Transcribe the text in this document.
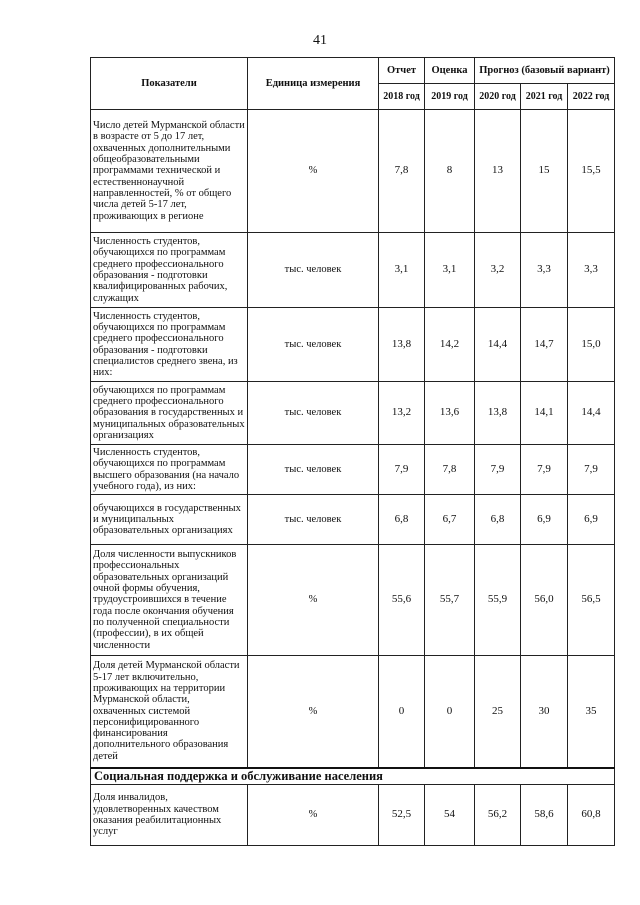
41
Показатели	Единица измерения	Отчет	Оценка	Прогноз (базовый вариант)		
		2018 год	2019 год	2020 год	2021 год	2022 год
Число детей Мурманской области в возрасте от 5 до 17 лет, охваченных дополнительными общеобразовательными программами технической и естественнонаучной направленностей, % от общего числа детей 5-17 лет, проживающих в регионе	%	7,8	8	13	15	15,5
Численность студентов, обучающихся по программам среднего профессионального образования - подготовки квалифицированных рабочих, служащих	тыс. человек	3,1	3,1	3,2	3,3	3,3
Численность студентов, обучающихся по программам среднего профессионального образования - подготовки специалистов среднего звена, из них:	тыс. человек	13,8	14,2	14,4	14,7	15,0
обучающихся по программам среднего профессионального образования в государственных и муниципальных образовательных организациях	тыс. человек	13,2	13,6	13,8	14,1	14,4
Численность студентов, обучающихся по программам высшего образования (на начало учебного года), из них:	тыс. человек	7,9	7,8	7,9	7,9	7,9
обучающихся в государственных и муниципальных образовательных организациях	тыс. человек	6,8	6,7	6,8	6,9	6,9
Доля численности выпускников профессиональных образовательных организаций очной формы обучения, трудоустроившихся в течение года после окончания обучения по полученной специальности (профессии), в их общей численности	%	55,6	55,7	55,9	56,0	56,5
Доля детей Мурманской области 5-17 лет включительно, проживающих на территории Мурманской области, охваченных системой персонифицированного финансирования дополнительного образования детей	%	0	0	25	30	35
Социальная поддержка и обслуживание населения						
Доля инвалидов, удовлетворенных качеством оказания реабилитационных услуг	%	52,5	54	56,2	58,6	60,8
